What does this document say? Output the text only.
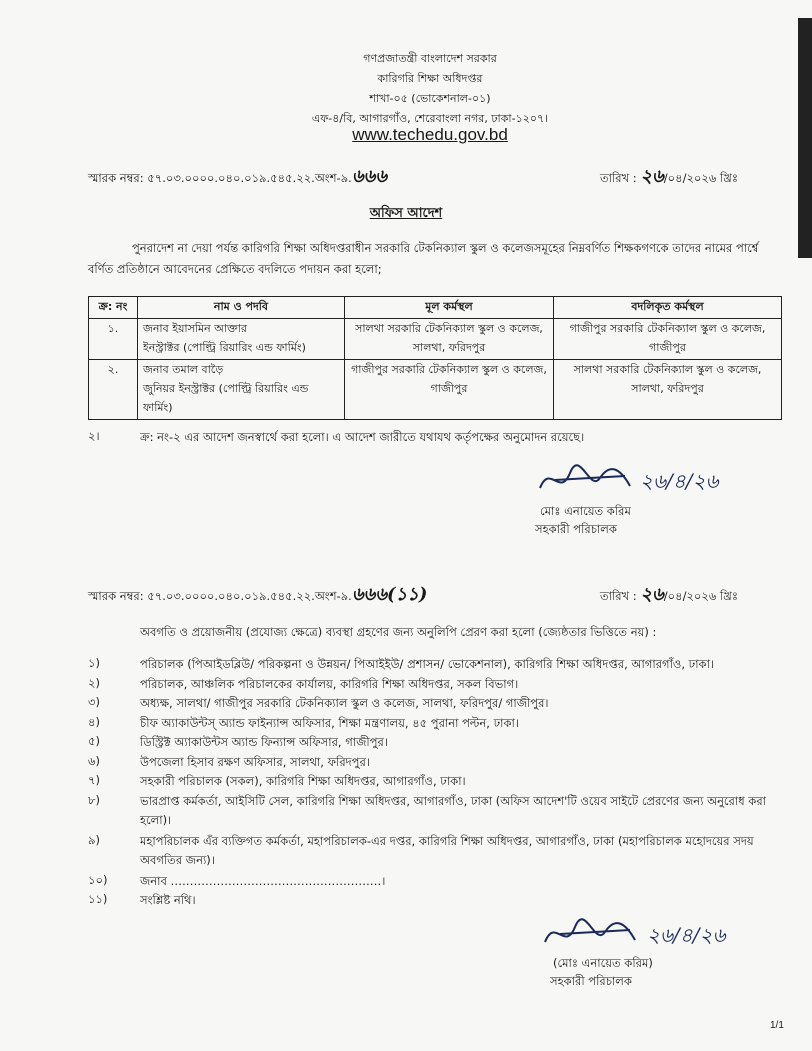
গণপ্রজাতন্ত্রী বাংলাদেশ সরকার
কারিগরি শিক্ষা অধিদপ্তর
শাখা-০৫ (ভোকেশনাল-০১)
এফ-৪/বি, আগারগাঁও, শেরেবাংলা নগর, ঢাকা-১২০৭।
www.techedu.gov.bd
স্মারক নম্বর: ৫৭.০৩.০০০০.০৪০.০১৯.৫৪৫.২২.অংশ-৯.৬৬৬	তারিখ : ২৬/০৪/২০২৬ খ্রিঃ
অফিস আদেশ
পুনরাদেশ না দেয়া পর্যন্ত কারিগরি শিক্ষা অধিদপ্তরাধীন সরকারি টেকনিক্যাল স্কুল ও কলেজসমূহের নিম্নবর্ণিত শিক্ষকগণকে তাদের নামের পার্শ্বে বর্ণিত প্রতিষ্ঠানে আবেদনের প্রেক্ষিতে বদলিতে পদায়ন করা হলো;
ক্র: নং	নাম ও পদবি	মূল কর্মস্থল	বদলিকৃত কর্মস্থল
১.	জনাব ইয়াসমিন আক্তার
ইনস্ট্রাক্টর (পোল্ট্রি রিয়ারিং এন্ড ফার্মিং)	সালথা সরকারি টেকনিক্যাল স্কুল ও কলেজ, সালথা, ফরিদপুর	গাজীপুর সরকারি টেকনিক্যাল স্কুল ও কলেজ, গাজীপুর
২.	জনাব তমাল বাড়ৈ
জুনিয়র ইনস্ট্রাক্টর (পোল্ট্রি রিয়ারিং এন্ড ফার্মিং)	গাজীপুর সরকারি টেকনিক্যাল স্কুল ও কলেজ, গাজীপুর	সালথা সরকারি টেকনিক্যাল স্কুল ও কলেজ, সালথা, ফরিদপুর
২।	ক্র: নং-২ এর আদেশ জনস্বার্থে করা হলো। এ আদেশ জারীতে যথাযথ কর্তৃপক্ষের অনুমোদন রয়েছে।
২৬/৪/২৬
মোঃ এনায়েত করিম
সহকারী পরিচালক
স্মারক নম্বর: ৫৭.০৩.০০০০.০৪০.০১৯.৫৪৫.২২.অংশ-৯.৬৬৬(১১)	তারিখ : ২৬/০৪/২০২৬ খ্রিঃ
অবগতি ও প্রয়োজনীয় (প্রযোজ্য ক্ষেত্রে) ব্যবস্থা গ্রহণের জন্য অনুলিপি প্রেরণ করা হলো (জ্যেষ্ঠতার ভিত্তিতে নয়) :
১)	পরিচালক (পিআইডব্লিউ/ পরিকল্পনা ও উন্নয়ন/ পিআইইউ/ প্রশাসন/ ভোকেশনাল), কারিগরি শিক্ষা অধিদপ্তর, আগারগাঁও, ঢাকা।
২)	পরিচালক, আঞ্চলিক পরিচালকের কার্যালয়, কারিগরি শিক্ষা অধিদপ্তর, সকল বিভাগ।
৩)	অধ্যক্ষ, সালথা/ গাজীপুর সরকারি টেকনিক্যাল স্কুল ও কলেজ, সালথা, ফরিদপুর/ গাজীপুর।
৪)	চীফ অ্যাকাউন্টস্ অ্যান্ড ফাইন্যান্স অফিসার, শিক্ষা মন্ত্রণালয়, ৪৫ পুরানা পল্টন, ঢাকা।
৫)	ডিস্ট্রিক্ট অ্যাকাউন্টস অ্যান্ড ফিন্যান্স অফিসার, গাজীপুর।
৬)	উপজেলা হিসাব রক্ষণ অফিসার, সালথা, ফরিদপুর।
৭)	সহকারী পরিচালক (সকল), কারিগরি শিক্ষা অধিদপ্তর, আগারগাঁও, ঢাকা।
৮)	ভারপ্রাপ্ত কর্মকর্তা, আইসিটি সেল, কারিগরি শিক্ষা অধিদপ্তর, আগারগাঁও, ঢাকা (অফিস আদেশ'টি ওয়েব সাইটে প্রেরণের জন্য অনুরোধ করা হলো)।
৯)	মহাপরিচালক এঁর ব্যক্তিগত কর্মকর্তা, মহাপরিচালক-এর দপ্তর, কারিগরি শিক্ষা অধিদপ্তর, আগারগাঁও, ঢাকা (মহাপরিচালক মহোদয়ের সদয় অবগতির জন্য)।
১০)	জনাব ……………………………………………….।
১১)	সংশ্লিষ্ট নথি।
২৬/৪/২৬
(মোঃ এনায়েত করিম)
সহকারী পরিচালক
1/1
